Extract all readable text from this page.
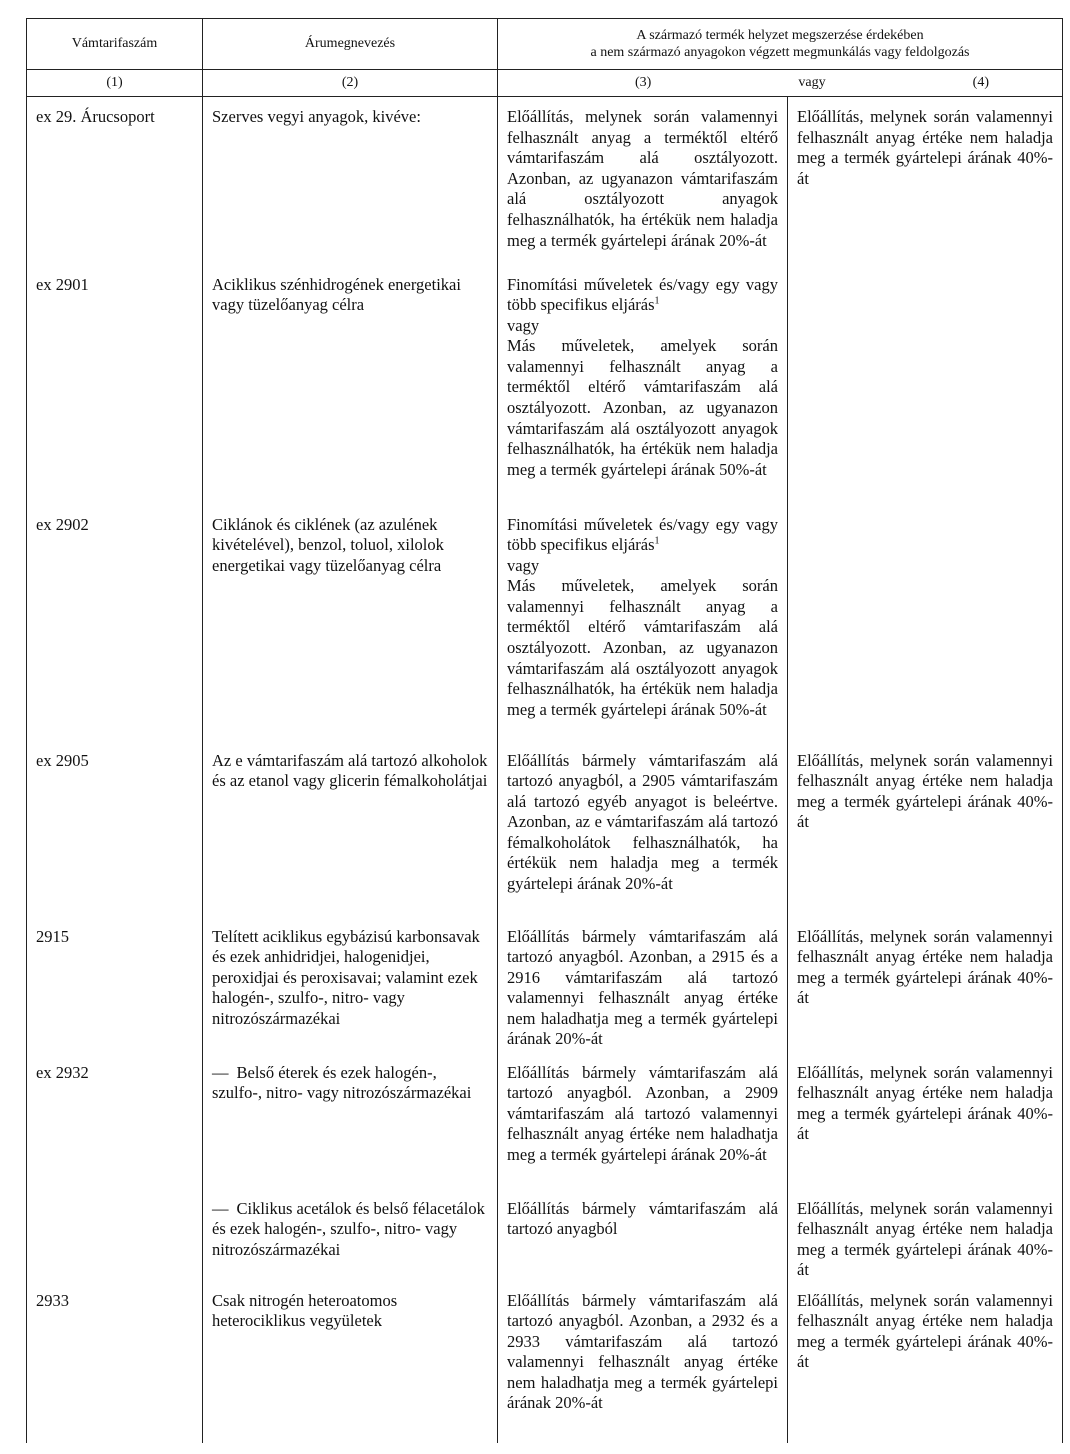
Vámtarifaszám	Árumegnevezés	A származó termék helyzet megszerzése érdekében
a nem származó anyagokon végzett megmunkálás vagy feldolgozás	

(1)	(2)	(3) vagy (4)	

ex 29. Árucsoport	Szerves vegyi anyagok, kivéve:	Előállítás, melynek során valamennyi felhasznált anyag a terméktől eltérő vámtarifaszám alá osztályozott. Azonban, az ugyanazon vámtarifaszám alá osztályozott anyagok felhasználhatók, ha értékük nem haladja meg a termék gyártelepi árának 20%-át	Előállítás, melynek során valamennyi felhasznált anyag értéke nem haladja meg a termék gyártelepi árának 40%-át
ex 2901	Aciklikus szénhidrogének energetikai vagy tüzelőanyag célra	Finomítási műveletek és/vagy egy vagy több specifikus eljárás$^1$
vagy
Más műveletek, amelyek során valamennyi felhasznált anyag a terméktől eltérő vámtarifaszám alá osztályozott. Azonban, az ugyanazon vámtarifaszám alá osztályozott anyagok felhasználhatók, ha értékük nem haladja meg a termék gyártelepi árának 50%-át	

ex 2902	Ciklánok és ciklének (az azulének kivételével), benzol, toluol, xilolok energetikai vagy tüzelőanyag célra	Finomítási műveletek és/vagy egy vagy több specifikus eljárás$^1$
vagy
Más műveletek, amelyek során valamennyi felhasznált anyag a terméktől eltérő vámtarifaszám alá osztályozott. Azonban, az ugyanazon vámtarifaszám alá osztályozott anyagok felhasználhatók, ha értékük nem haladja meg a termék gyártelepi árának 50%-át	

ex 2905	Az e vámtarifaszám alá tartozó alkoholok és az etanol vagy glicerin fémalkoholátjai	Előállítás bármely vámtarifaszám alá tartozó anyagból, a 2905 vámtarifaszám alá tartozó egyéb anyagot is beleértve. Azonban, az e vámtarifaszám alá tartozó fémalkoholátok felhasználhatók, ha értékük nem haladja meg a termék gyártelepi árának 20%-át	Előállítás, melynek során valamennyi felhasznált anyag értéke nem haladja meg a termék gyártelepi árának 40%-át
2915	Telített aciklikus egybázisú karbonsavak és ezek anhidridjei, halogenidjei, peroxidjai és peroxisavai; valamint ezek halogén-, szulfo-, nitro- vagy nitrozószármazékai	Előállítás bármely vámtarifaszám alá tartozó anyagból. Azonban, a 2915 és a 2916 vámtarifaszám alá tartozó valamennyi felhasznált anyag értéke nem haladhatja meg a termék gyártelepi árának 20%-át	Előállítás, melynek során valamennyi felhasznált anyag értéke nem haladja meg a termék gyártelepi árának 40%-át
ex 2932	— Belső éterek és ezek halogén-, szulfo-, nitro- vagy nitrozószármazékai	Előállítás bármely vámtarifaszám alá tartozó anyagból. Azonban, a 2909 vámtarifaszám alá tartozó valamennyi felhasznált anyag értéke nem haladhatja meg a termék gyártelepi árának 20%-át	Előállítás, melynek során valamennyi felhasznált anyag értéke nem haladja meg a termék gyártelepi árának 40%-át
	— Ciklikus acetálok és belső félacetálok és ezek halogén-, szulfo-, nitro- vagy nitrozószármazékai	Előállítás bármely vámtarifaszám alá tartozó anyagból	Előállítás, melynek során valamennyi felhasznált anyag értéke nem haladja meg a termék gyártelepi árának 40%-át
2933	Csak nitrogén heteroatomos heterociklikus vegyületek	Előállítás bármely vámtarifaszám alá tartozó anyagból. Azonban, a 2932 és a 2933 vámtarifaszám alá tartozó valamennyi felhasznált anyag értéke nem haladhatja meg a termék gyártelepi árának 20%-át	Előállítás, melynek során valamennyi felhasznált anyag értéke nem haladja meg a termék gyártelepi árának 40%-át
